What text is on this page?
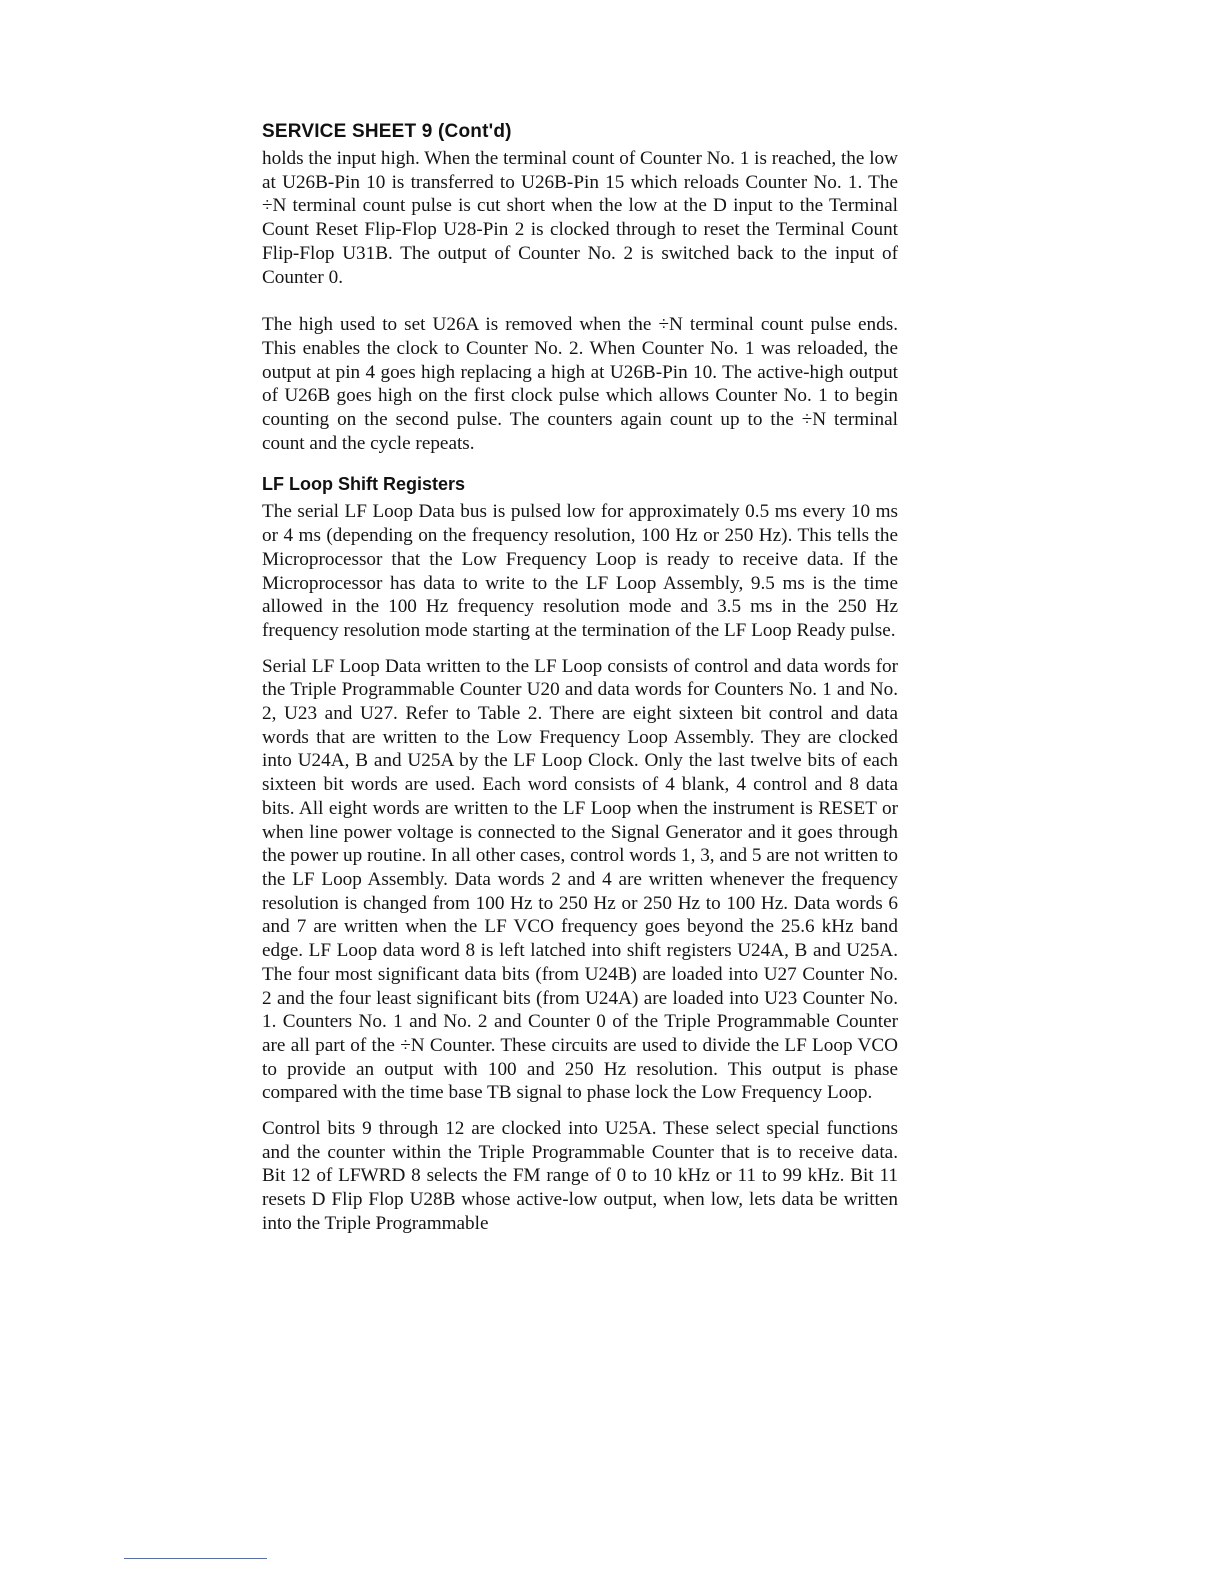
SERVICE SHEET 9 (Cont'd)

holds the input high. When the terminal count of Counter No. 1 is reached, the low at U26B-Pin 10 is transferred to U26B-Pin 15 which reloads Counter No. 1. The ÷N terminal count pulse is cut short when the low at the D input to the Terminal Count Reset Flip-Flop U28-Pin 2 is clocked through to reset the Terminal Count Flip-Flop U31B. The output of Counter No. 2 is switched back to the input of Counter 0.

The high used to set U26A is removed when the ÷N terminal count pulse ends. This enables the clock to Counter No. 2. When Counter No. 1 was reloaded, the output at pin 4 goes high replacing a high at U26B-Pin 10. The active-high output of U26B goes high on the first clock pulse which allows Counter No. 1 to begin counting on the second pulse. The counters again count up to the ÷N terminal count and the cycle repeats.

LF Loop Shift Registers

The serial LF Loop Data bus is pulsed low for approximately 0.5 ms every 10 ms or 4 ms (depending on the frequency resolution, 100 Hz or 250 Hz). This tells the Microprocessor that the Low Frequency Loop is ready to receive data. If the Microprocessor has data to write to the LF Loop Assembly, 9.5 ms is the time allowed in the 100 Hz frequency resolution mode and 3.5 ms in the 250 Hz frequency resolution mode starting at the termination of the LF Loop Ready pulse.

Serial LF Loop Data written to the LF Loop consists of control and data words for the Triple Programmable Counter U20 and data words for Counters No. 1 and No. 2, U23 and U27. Refer to Table 2. There are eight sixteen bit control and data words that are written to the Low Frequency Loop Assembly. They are clocked into U24A, B and U25A by the LF Loop Clock. Only the last twelve bits of each sixteen bit words are used. Each word consists of 4 blank, 4 control and 8 data bits. All eight words are written to the LF Loop when the instrument is RESET or when line power voltage is connected to the Signal Generator and it goes through the power up routine. In all other cases, control words 1, 3, and 5 are not written to the LF Loop Assembly. Data words 2 and 4 are written whenever the frequency resolution is changed from 100 Hz to 250 Hz or 250 Hz to 100 Hz. Data words 6 and 7 are written when the LF VCO frequency goes beyond the 25.6 kHz band edge. LF Loop data word 8 is left latched into shift registers U24A, B and U25A. The four most significant data bits (from U24B) are loaded into U27 Counter No. 2 and the four least significant bits (from U24A) are loaded into U23 Counter No. 1. Counters No. 1 and No. 2 and Counter 0 of the Triple Programmable Counter are all part of the ÷N Counter. These circuits are used to divide the LF Loop VCO to provide an output with 100 and 250 Hz resolution. This output is phase compared with the time base TB signal to phase lock the Low Frequency Loop.

Control bits 9 through 12 are clocked into U25A. These select special functions and the counter within the Triple Programmable Counter that is to receive data. Bit 12 of LFWRD 8 selects the FM range of 0 to 10 kHz or 11 to 99 kHz. Bit 11 resets D Flip Flop U28B whose active-low output, when low, lets data be written into the Triple Programmable
